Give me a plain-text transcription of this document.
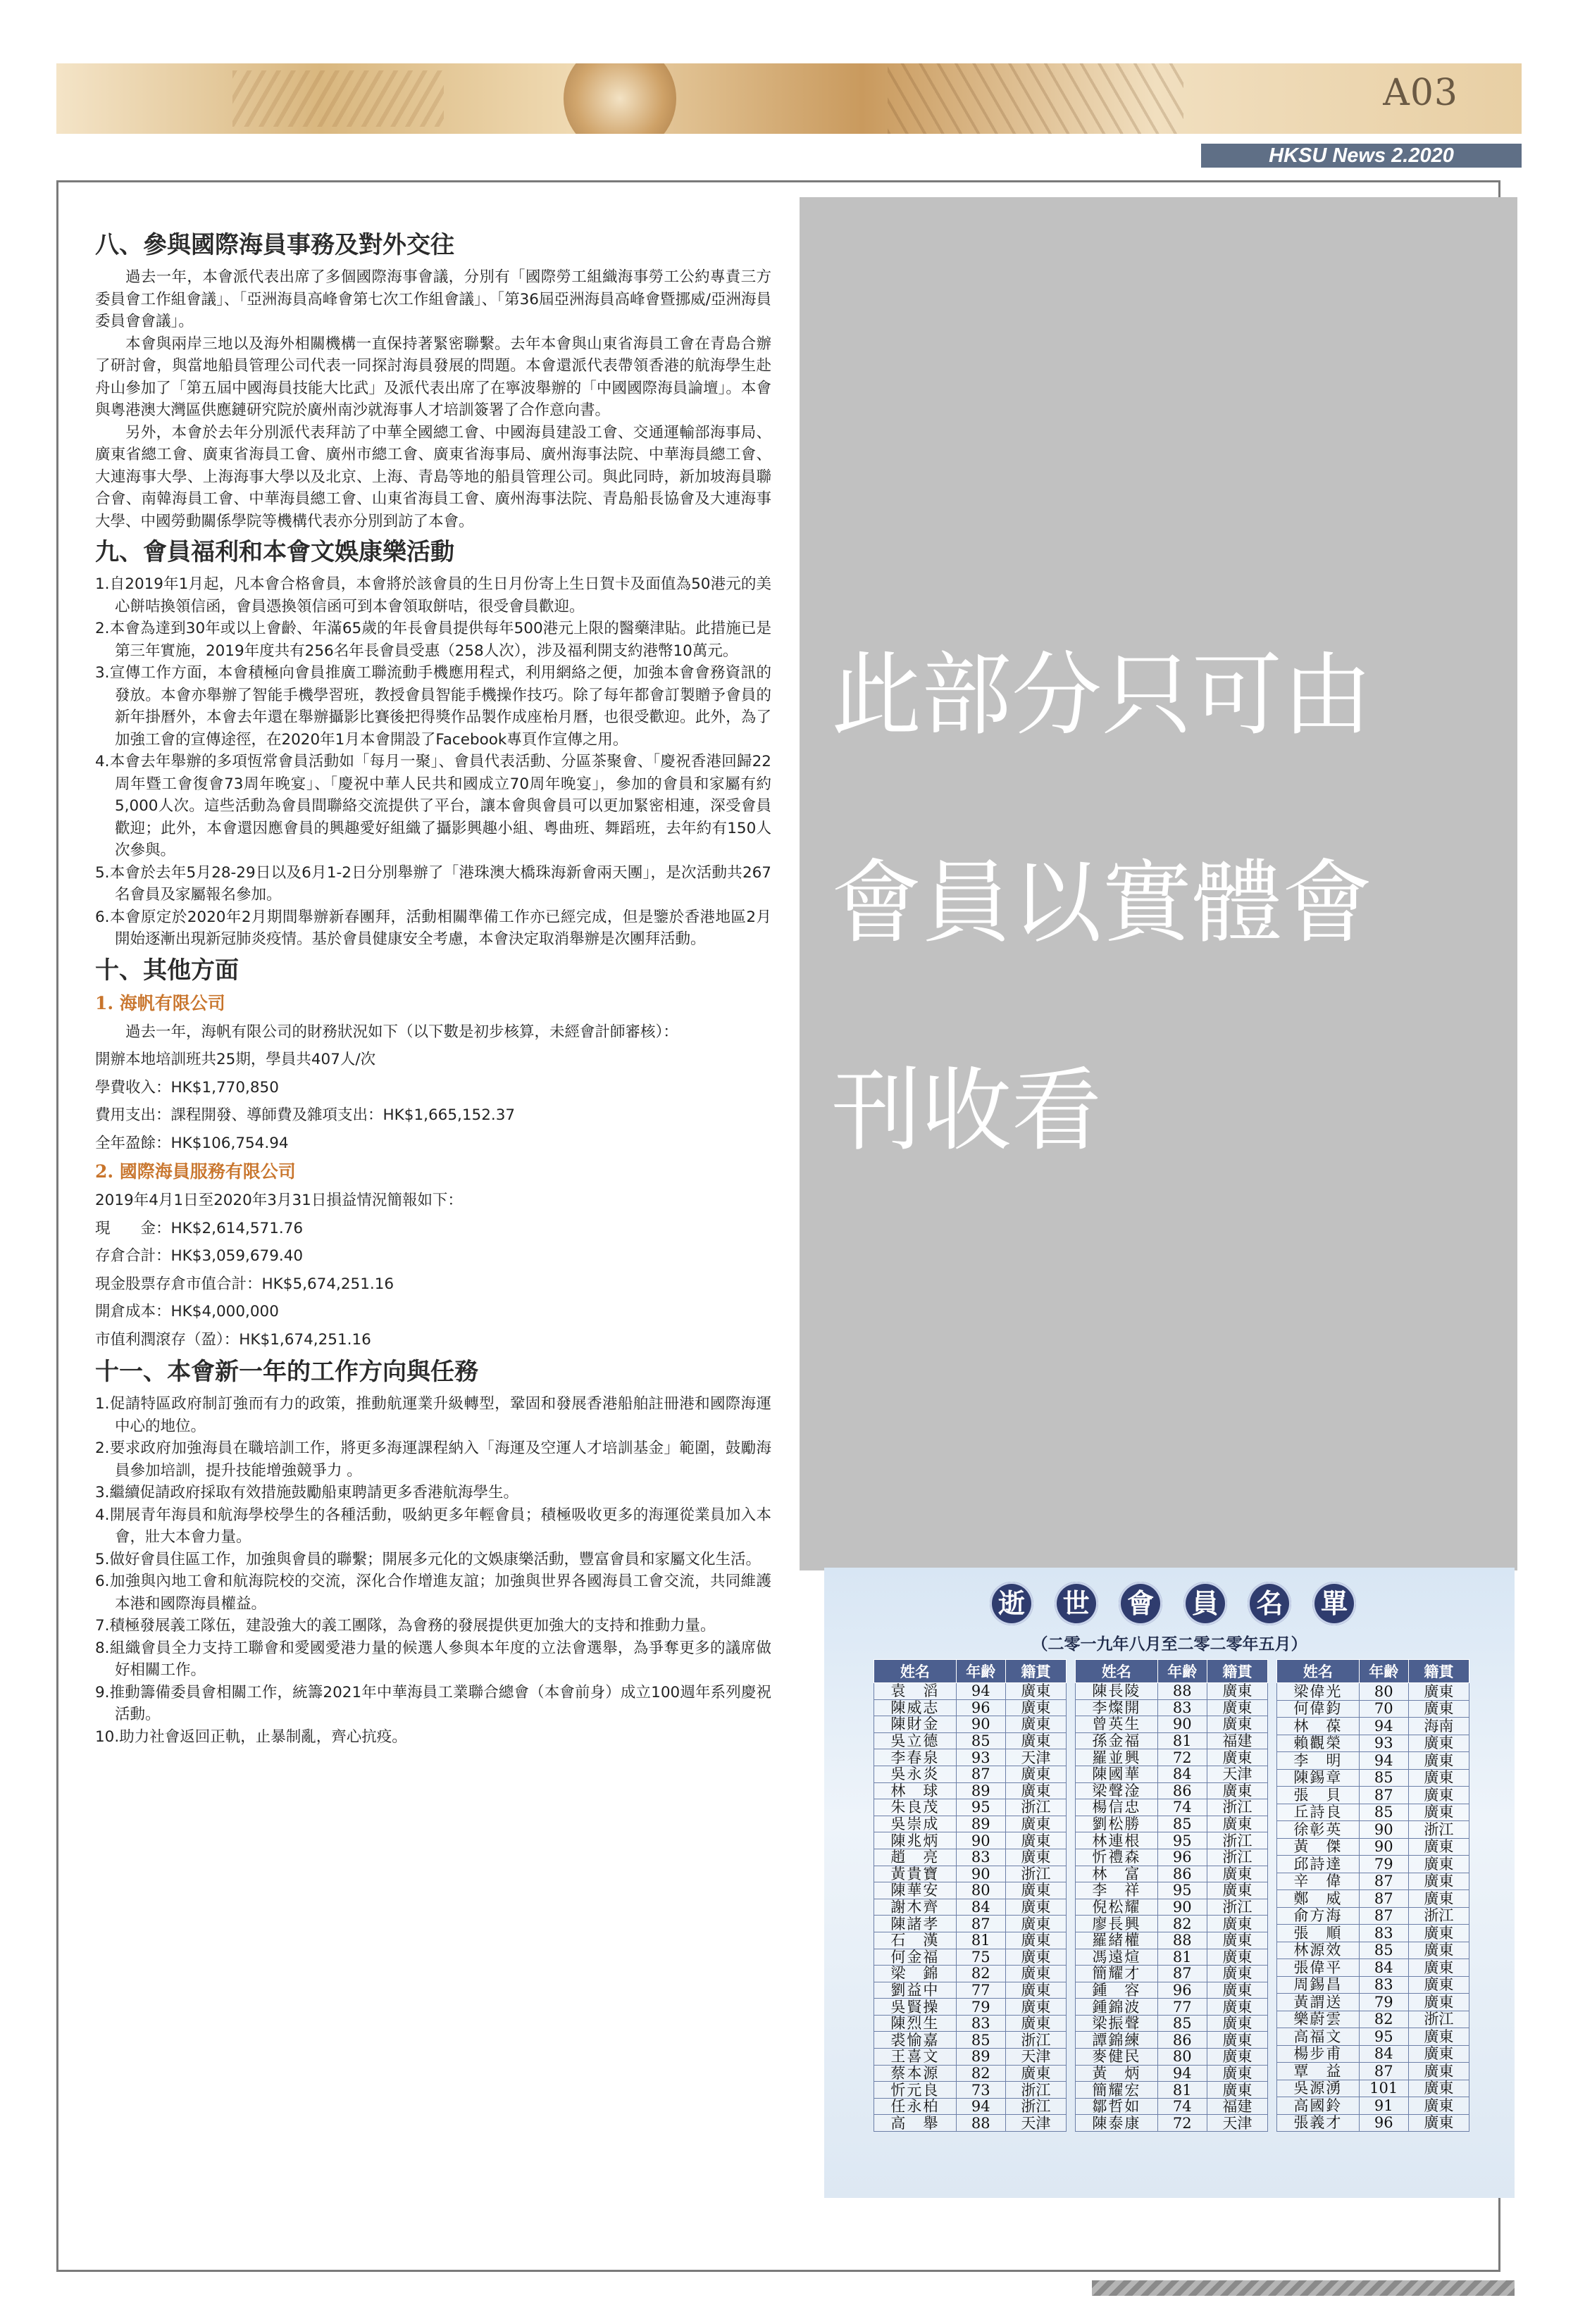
A03
HKSU News 2.2020
八、參與國際海員事務及對外交往

過去一年，本會派代表出席了多個國際海事會議，分別有「國際勞工組織海事勞工公約專責三方委員會工作組會議」、「亞洲海員高峰會第七次工作組會議」、「第36屆亞洲海員高峰會暨挪威/亞洲海員委員會會議」。

本會與兩岸三地以及海外相關機構一直保持著緊密聯繫。去年本會與山東省海員工會在青島合辦了研討會，與當地船員管理公司代表一同探討海員發展的問題。本會還派代表帶領香港的航海學生赴舟山參加了「第五屆中國海員技能大比武」及派代表出席了在寧波舉辦的「中國國際海員論壇」。本會與粵港澳大灣區供應鏈研究院於廣州南沙就海事人才培訓簽署了合作意向書。

另外，本會於去年分別派代表拜訪了中華全國總工會、中國海員建設工會、交通運輸部海事局、廣東省總工會、廣東省海員工會、廣州市總工會、廣東省海事局、廣州海事法院、中華海員總工會、大連海事大學、上海海事大學以及北京、上海、青島等地的船員管理公司。與此同時，新加坡海員聯合會、南韓海員工會、中華海員總工會、山東省海員工會、廣州海事法院、青島船長協會及大連海事大學、中國勞動關係學院等機構代表亦分別到訪了本會。

九、會員福利和本會文娛康樂活動

1.自2019年1月起，凡本會合格會員，本會將於該會員的生日月份寄上生日賀卡及面值為50港元的美心餅咭換領信函，會員憑換領信函可到本會領取餅咭，很受會員歡迎。

2.本會為達到30年或以上會齡、年滿65歲的年長會員提供每年500港元上限的醫藥津貼。此措施已是第三年實施，2019年度共有256名年長會員受惠（258人次），涉及福利開支約港幣10萬元。

3.宣傳工作方面，本會積極向會員推廣工聯流動手機應用程式，利用網絡之便，加強本會會務資訊的發放。本會亦舉辦了智能手機學習班，教授會員智能手機操作技巧。除了每年都會訂製贈予會員的新年掛曆外，本會去年還在舉辦攝影比賽後把得獎作品製作成座枱月曆，也很受歡迎。此外，為了加強工會的宣傳途徑，在2020年1月本會開設了Facebook專頁作宣傳之用。

4.本會去年舉辦的多項恆常會員活動如「每月一聚」、會員代表活動、分區茶聚會、「慶祝香港回歸22周年暨工會復會73周年晚宴」、「慶祝中華人民共和國成立70周年晚宴」，參加的會員和家屬有約5,000人次。這些活動為會員間聯絡交流提供了平台，讓本會與會員可以更加緊密相連，深受會員歡迎；此外，本會還因應會員的興趣愛好組織了攝影興趣小組、粵曲班、舞蹈班，去年約有150人次參與。

5.本會於去年5月28-29日以及6月1-2日分別舉辦了「港珠澳大橋珠海新會兩天團」，是次活動共267名會員及家屬報名參加。

6.本會原定於2020年2月期間舉辦新春團拜，活動相關準備工作亦已經完成，但是鑒於香港地區2月開始逐漸出現新冠肺炎疫情。基於會員健康安全考慮，本會決定取消舉辦是次團拜活動。

十、其他方面
1. 海帆有限公司

過去一年，海帆有限公司的財務狀況如下（以下數是初步核算，未經會計師審核）：

開辦本地培訓班共25期，學員共407人/次
學費收入：HK$1,770,850
費用支出：課程開發、導師費及雜項支出：HK$1,665,152.37
全年盈餘：HK$106,754.94
2. 國際海員服務有限公司
2019年4月1日至2020年3月31日損益情況簡報如下：
現　　金：HK$2,614,571.76
存倉合計：HK$3,059,679.40
現金股票存倉市值合計：HK$5,674,251.16
開倉成本：HK$4,000,000
市值利潤滾存（盈）：HK$1,674,251.16
十一、本會新一年的工作方向與任務

1.促請特區政府制訂強而有力的政策，推動航運業升級轉型，鞏固和發展香港船舶註冊港和國際海運中心的地位。

2.要求政府加強海員在職培訓工作，將更多海運課程納入「海運及空運人才培訓基金」範圍，鼓勵海員參加培訓，提升技能增強競爭力 。

3.繼續促請政府採取有效措施鼓勵船東聘請更多香港航海學生。

4.開展青年海員和航海學校學生的各種活動，吸納更多年輕會員；積極吸收更多的海運從業員加入本會，壯大本會力量。

5.做好會員住區工作，加強與會員的聯繫；開展多元化的文娛康樂活動，豐富會員和家屬文化生活。

6.加強與內地工會和航海院校的交流，深化合作增進友誼；加強與世界各國海員工會交流，共同維護本港和國際海員權益。

7.積極發展義工隊伍，建設強大的義工團隊，為會務的發展提供更加強大的支持和推動力量。

8.組織會員全力支持工聯會和愛國愛港力量的候選人參與本年度的立法會選舉，為爭奪更多的議席做好相關工作。

9.推動籌備委員會相關工作，統籌2021年中華海員工業聯合總會（本會前身）成立100週年系列慶祝活動。

10.助力社會返回正軌，止暴制亂，齊心抗疫。

此部分只可由
會員以實體會
刊收看
逝	世	會	員	名	單
（二零一九年八月至二零二零年五月）
姓名	年齡	籍貫
袁　滔	94	廣東
陳威志	96	廣東
陳財金	90	廣東
吳立德	85	廣東
李春泉	93	天津
吳永炎	87	廣東
林　球	89	廣東
朱良茂	95	浙江
吳崇成	89	廣東
陳兆炳	90	廣東
趙　亮	83	廣東
黃貴寶	90	浙江
陳華安	80	廣東
謝木齊	84	廣東
陳諸孝	87	廣東
石　漢	81	廣東
何金福	75	廣東
梁　錦	82	廣東
劉益中	77	廣東
吳賢操	79	廣東
陳烈生	83	廣東
裘愉嘉	85	浙江
王喜文	89	天津
蔡本源	82	廣東
忻元良	73	浙江
任永柏	94	浙江
高　舉	88	天津
姓名	年齡	籍貫
陳長陵	88	廣東
李燦開	83	廣東
曾英生	90	廣東
孫金福	81	福建
羅並興	72	廣東
陳國華	84	天津
梁聲淦	86	廣東
楊信忠	74	浙江
劉松勝	85	廣東
林連根	95	浙江
忻禮森	96	浙江
林　富	86	廣東
李　祥	95	廣東
倪松耀	90	浙江
廖長興	82	廣東
羅緒權	88	廣東
馮遠煊	81	廣東
簡耀才	87	廣東
鍾　容	96	廣東
鍾錦波	77	廣東
梁振聲	85	廣東
譚錦練	86	廣東
麥健民	80	廣東
黃　炳	94	廣東
簡耀宏	81	廣東
鄒哲如	74	福建
陳泰康	72	天津
姓名	年齡	籍貫
梁偉光	80	廣東
何偉鈞	70	廣東
林　葆	94	海南
賴觀榮	93	廣東
李　明	94	廣東
陳錫章	85	廣東
張　貝	87	廣東
丘詩良	85	廣東
徐彰英	90	浙江
黃　傑	90	廣東
邱詩達	79	廣東
辛　偉	87	廣東
鄭　威	87	廣東
俞方海	87	浙江
張　順	83	廣東
林源效	85	廣東
張偉平	84	廣東
周錫昌	83	廣東
黃謂送	79	廣東
樂蔚雲	82	浙江
高福文	95	廣東
楊步甫	84	廣東
覃　益	87	廣東
吳源湧	101	廣東
高國鈴	91	廣東
張義才	96	廣東
